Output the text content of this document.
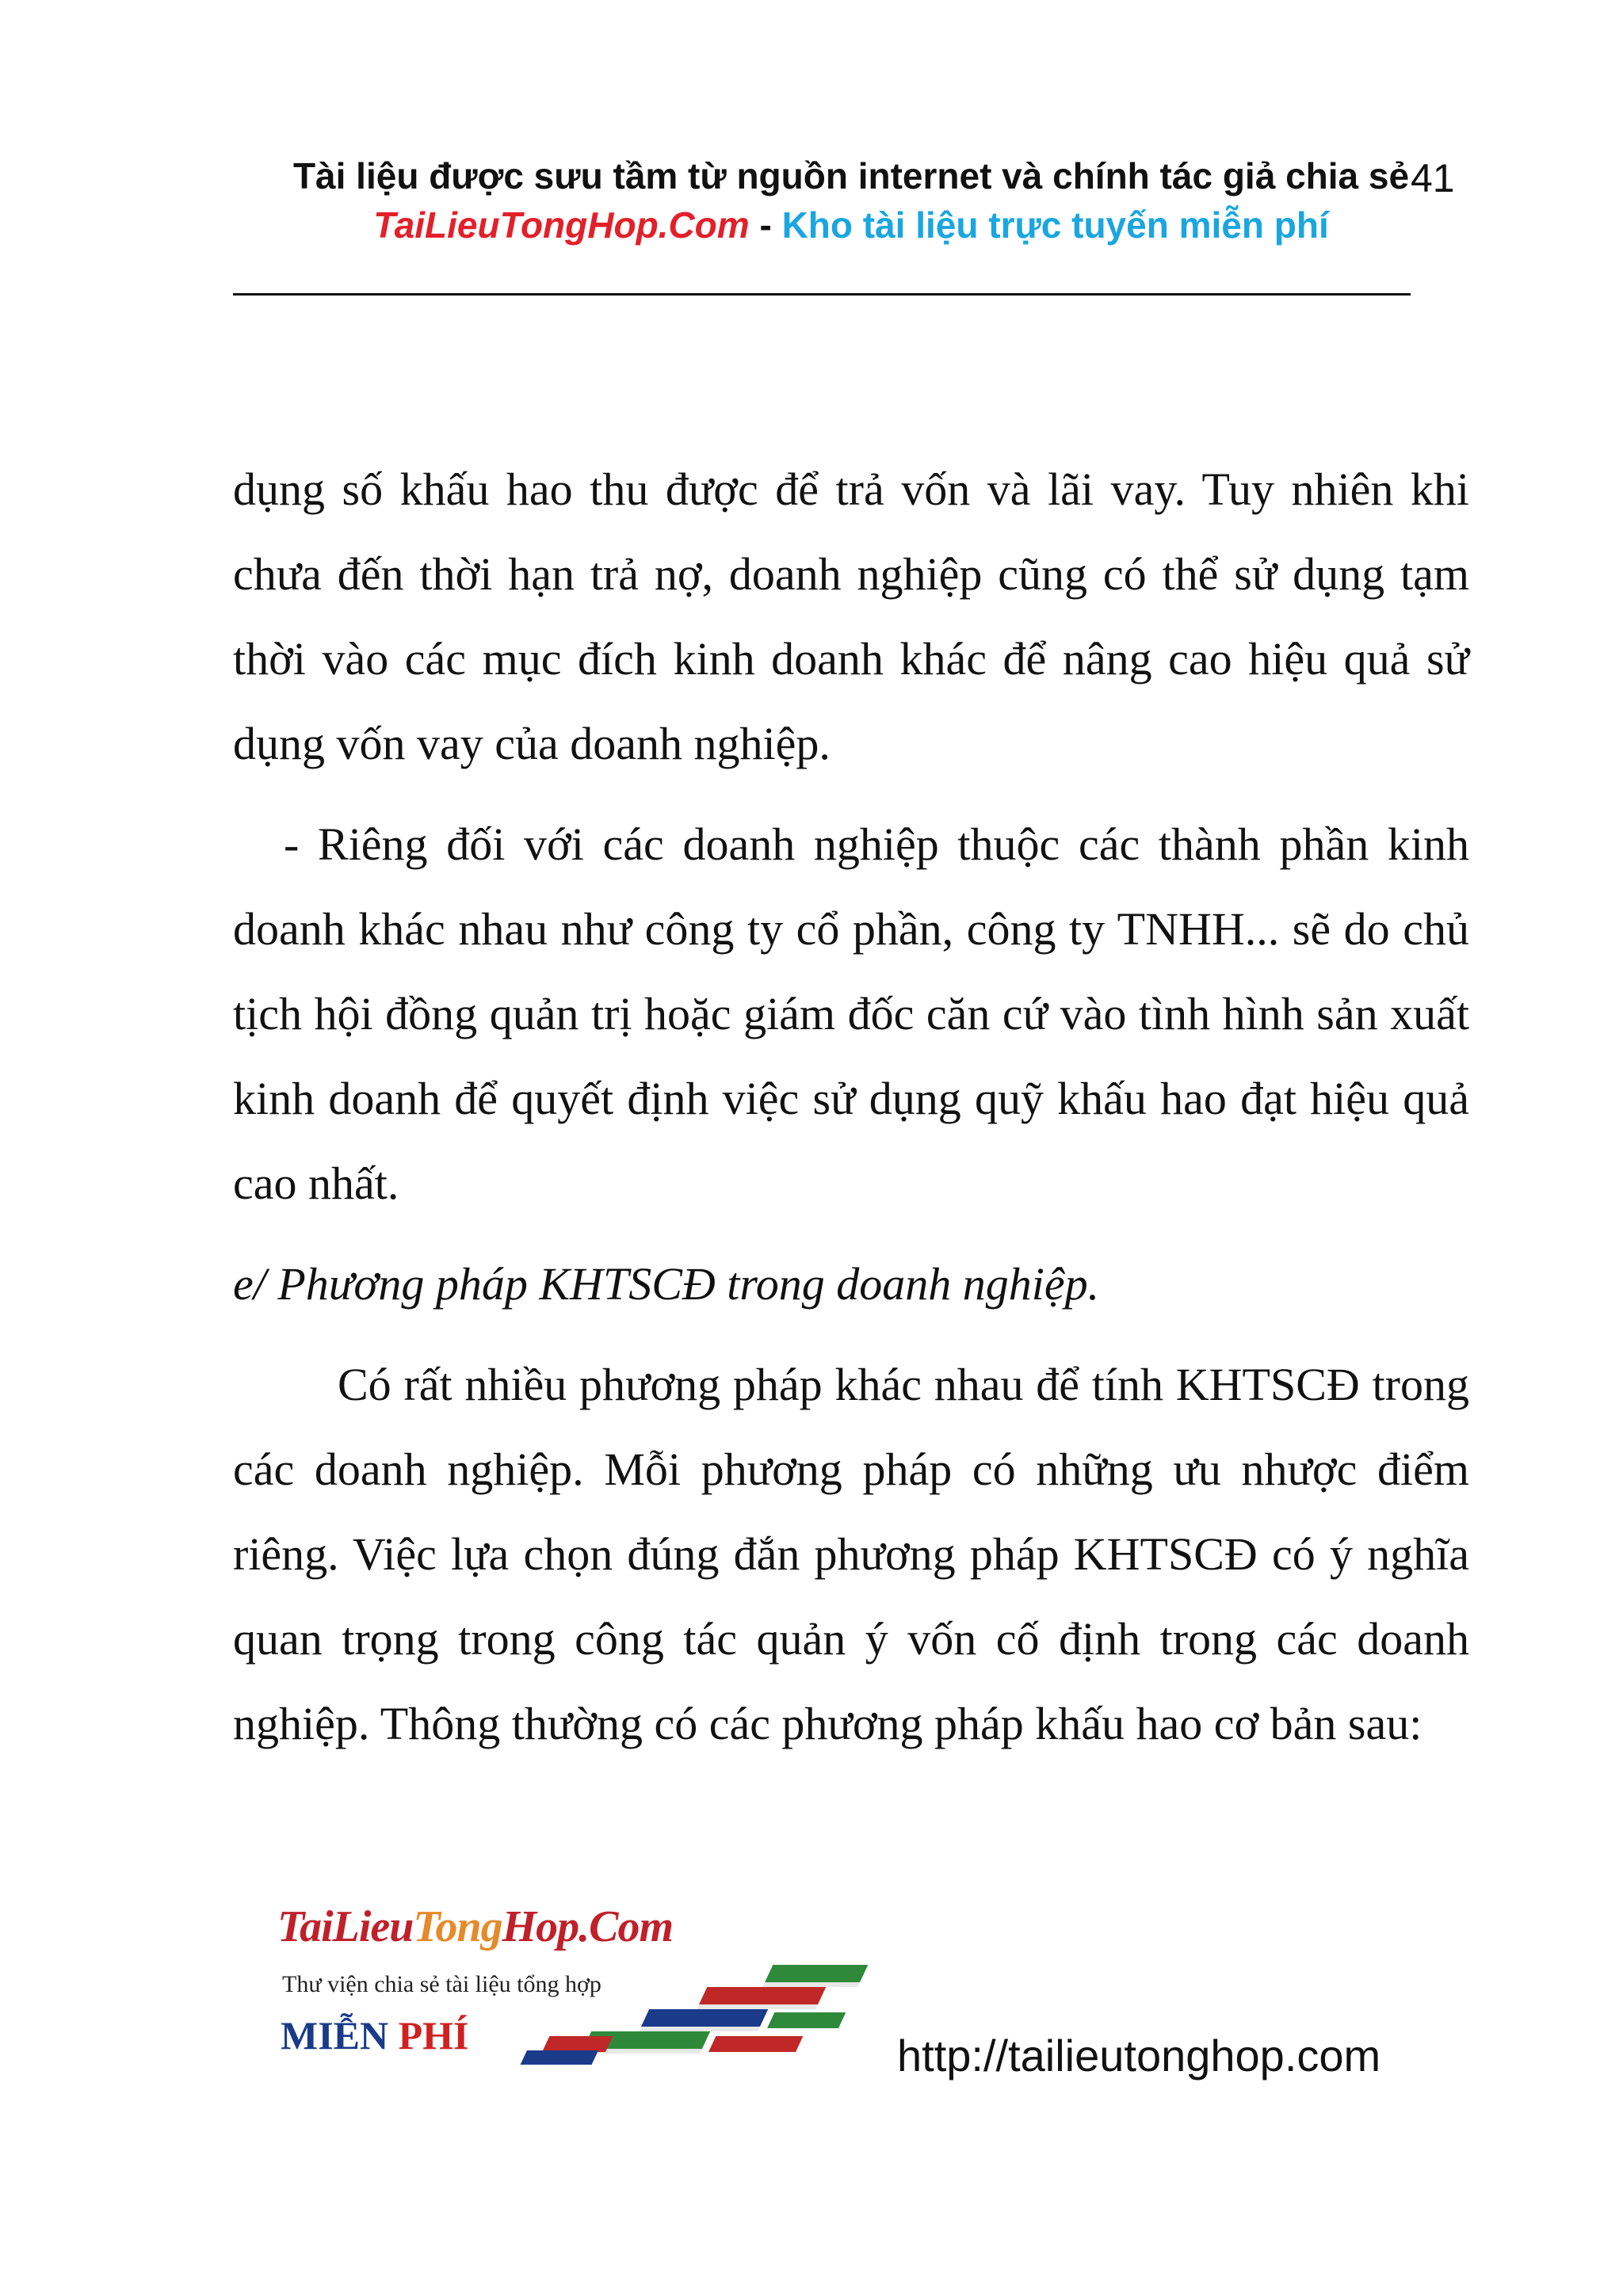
Tài liệu được sưu tầm từ nguồn internet và chính tác giả chia sẻ
TaiLieuTongHop.Com - Kho tài liệu trực tuyến miễn phí
41

dụng số khấu hao thu được để trả vốn và lãi vay. Tuy nhiên khi chưa đến thời hạn trả nợ, doanh nghiệp cũng có thể sử dụng tạm thời vào các mục đích kinh doanh khác để nâng cao hiệu quả sử dụng vốn vay của doanh nghiệp.

- Riêng đối với các doanh nghiệp thuộc các thành phần kinh doanh khác nhau như công ty cổ phần, công ty TNHH... sẽ do chủ tịch hội đồng quản trị hoặc giám đốc căn cứ vào tình hình sản xuất kinh doanh để quyết định việc sử dụng quỹ khấu hao đạt hiệu quả cao nhất.

e/ Phương pháp KHTSCĐ trong doanh nghiệp.

Có rất nhiều phương pháp khác nhau để tính KHTSCĐ trong các doanh nghiệp. Mỗi phương pháp có những ưu nhược điểm riêng. Việc lựa chọn đúng đắn phương pháp KHTSCĐ có ý nghĩa quan trọng trong công tác quản ý vốn cố định trong các doanh nghiệp. Thông thường có các phương pháp khấu hao cơ bản sau:

TaiLieuTongHop.Com
Thư viện chia sẻ tài liệu tổng hợp
MIỄN PHÍ	http://tailieutonghop.com
